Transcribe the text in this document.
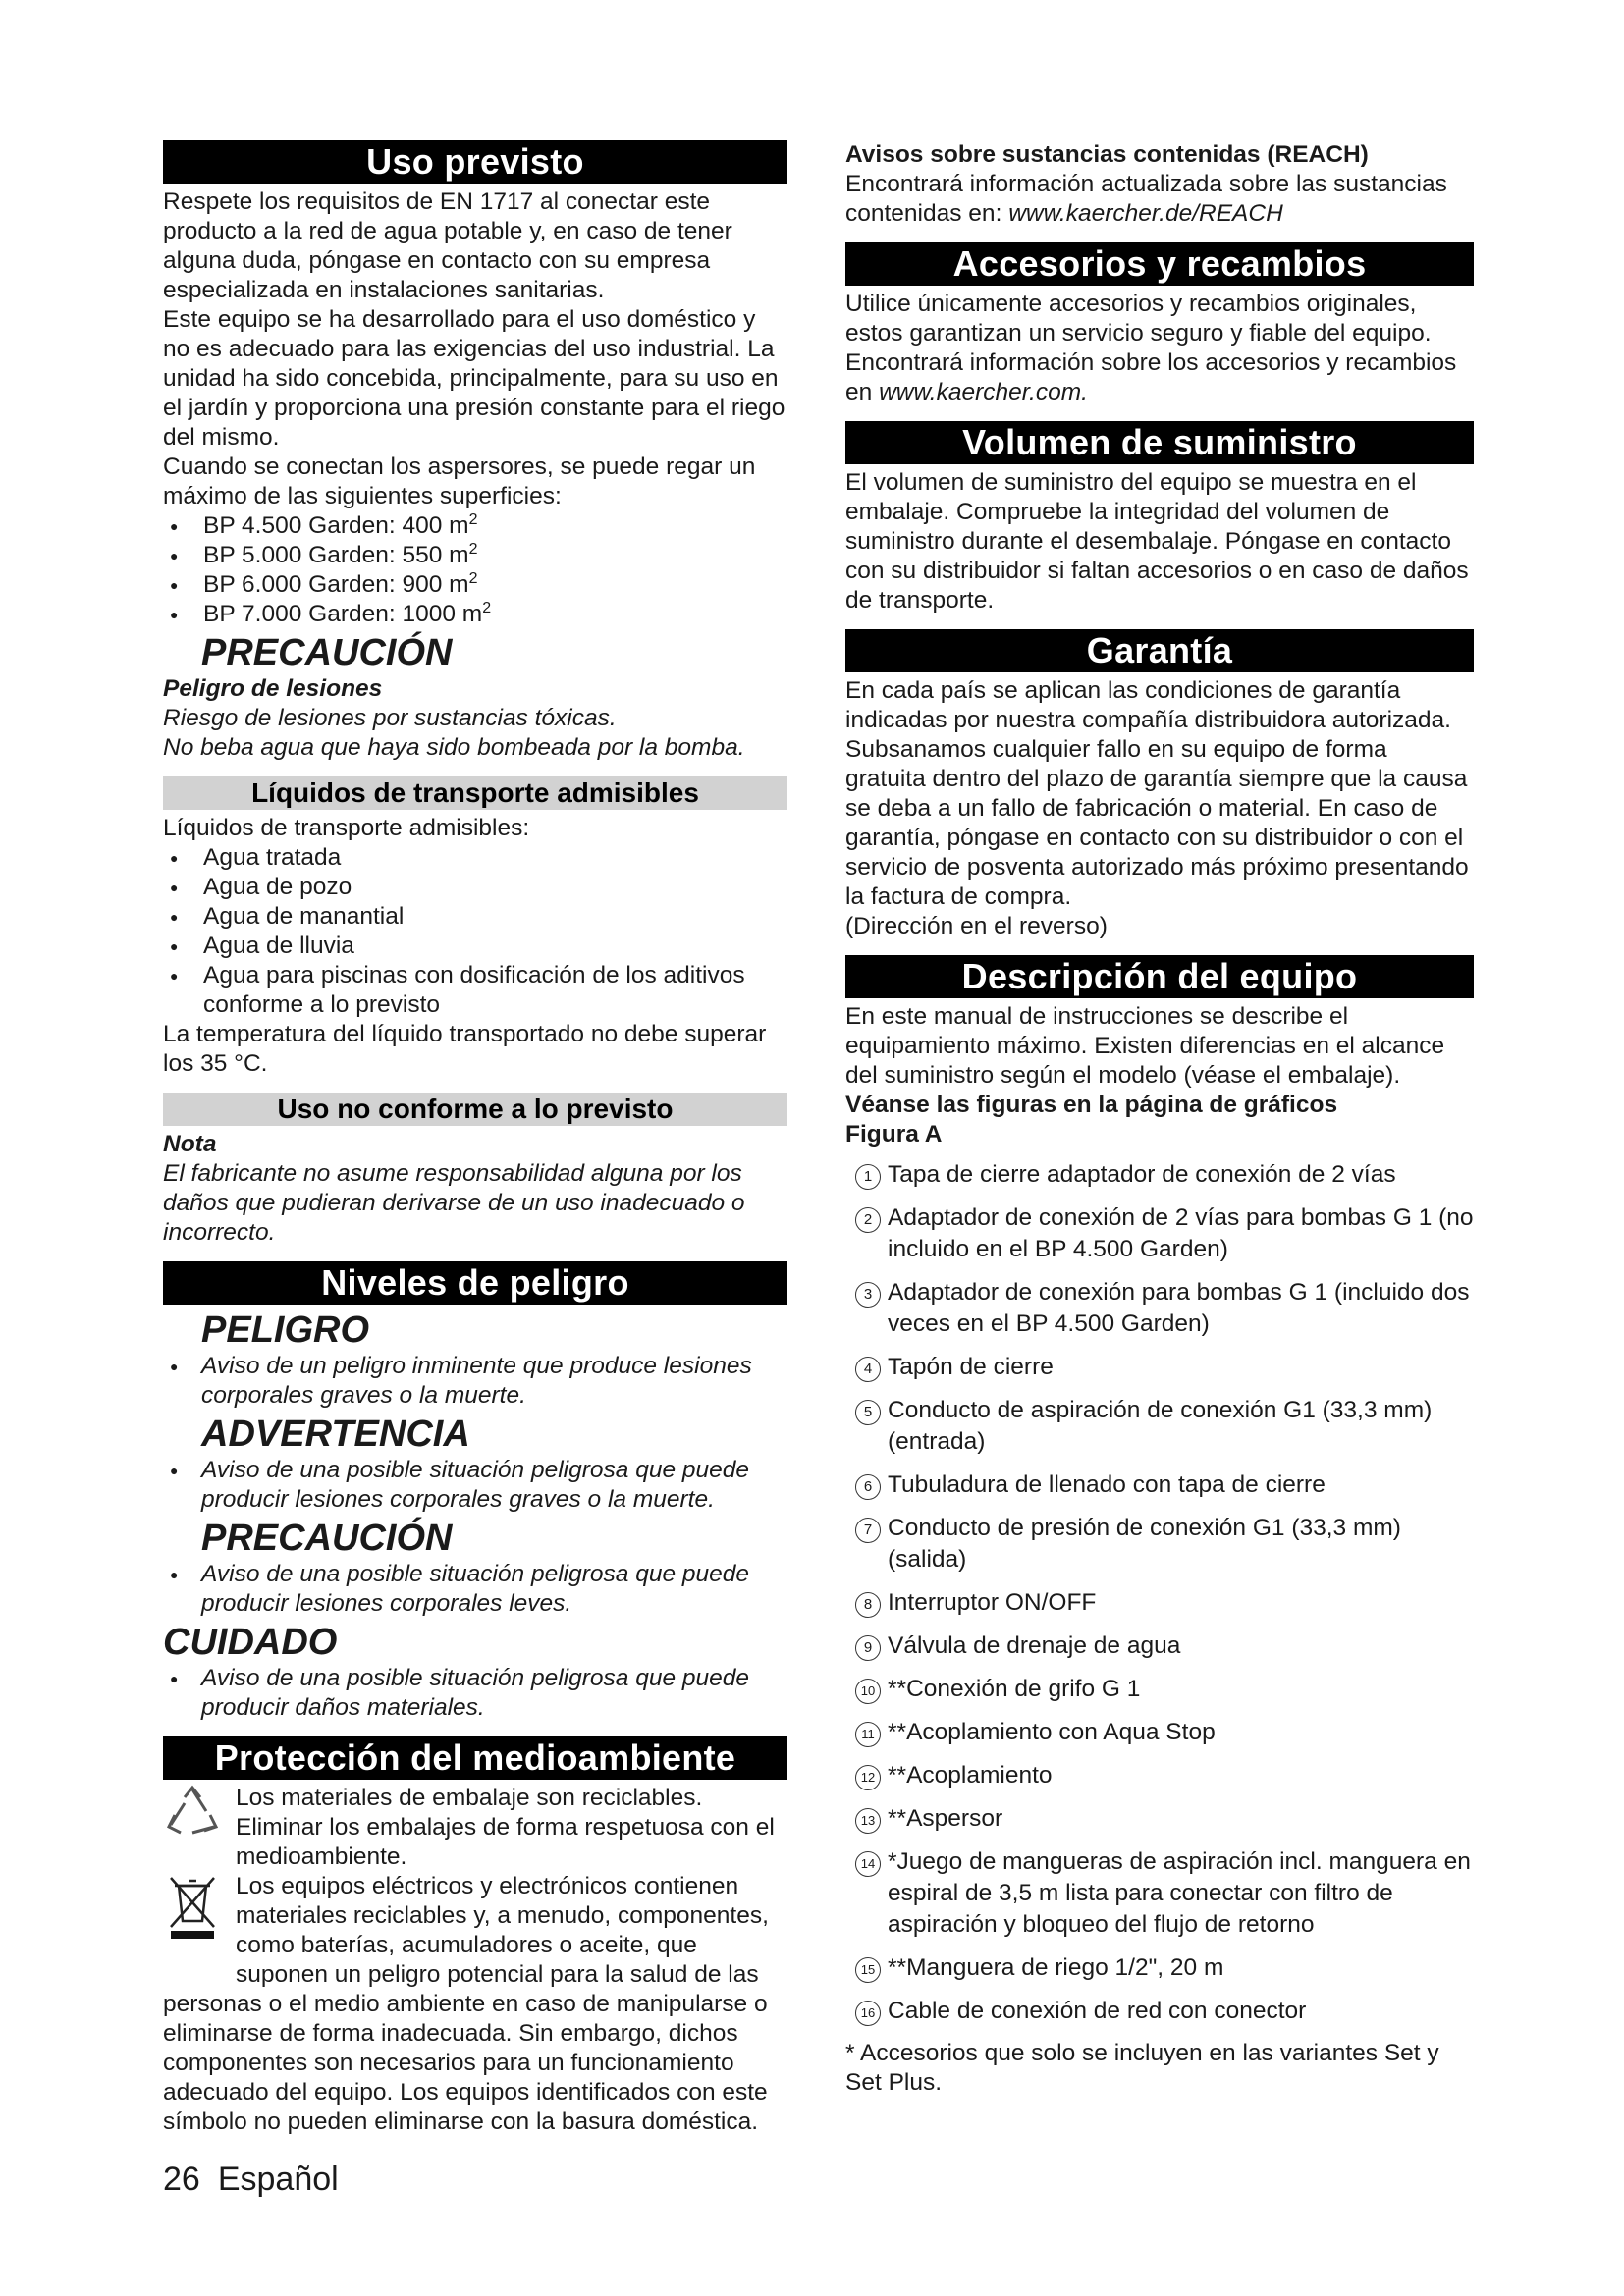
Uso previsto

Respete los requisitos de EN 1717 al conectar este producto a la red de agua potable y, en caso de tener alguna duda, póngase en contacto con su empresa especializada en instalaciones sanitarias.

Este equipo se ha desarrollado para el uso doméstico y no es adecuado para las exigencias del uso industrial. La unidad ha sido concebida, principalmente, para su uso en el jardín y proporciona una presión constante para el riego del mismo.

Cuando se conectan los aspersores, se puede regar un máximo de las siguientes superficies:

● BP 4.500 Garden: 400 $m^2$
● BP 5.000 Garden: 550 $m^2$
● BP 6.000 Garden: 900 $m^2$
● BP 7.000 Garden: 1000 $m^2$
PRECAUCIÓN

Peligro de lesiones

Riesgo de lesiones por sustancias tóxicas.

No beba agua que haya sido bombeada por la bomba.

Líquidos de transporte admisibles

Líquidos de transporte admisibles:

● Agua tratada
● Agua de pozo
● Agua de manantial
● Agua de lluvia
● Agua para piscinas con dosificación de los aditivos conforme a lo previsto

La temperatura del líquido transportado no debe superar los 35 °C.

Uso no conforme a lo previsto

Nota

El fabricante no asume responsabilidad alguna por los daños que pudieran derivarse de un uso inadecuado o incorrecto.

Niveles de peligro
PELIGRO
● Aviso de un peligro inminente que produce lesiones corporales graves o la muerte.
ADVERTENCIA
● Aviso de una posible situación peligrosa que puede producir lesiones corporales graves o la muerte.
PRECAUCIÓN
● Aviso de una posible situación peligrosa que puede producir lesiones corporales leves.
CUIDADO
● Aviso de una posible situación peligrosa que puede producir daños materiales.
Protección del medioambiente

Los materiales de embalaje son reciclables. Eliminar los embalajes de forma respetuosa con el medioambiente.

Los equipos eléctricos y electrónicos contienen materiales reciclables y, a menudo, componentes, como baterías, acumuladores o aceite, que suponen un peligro potencial para la salud de las

personas o el medio ambiente en caso de manipularse o eliminarse de forma inadecuada. Sin embargo, dichos componentes son necesarios para un funcionamiento adecuado del equipo. Los equipos identificados con este símbolo no pueden eliminarse con la basura doméstica.

Avisos sobre sustancias contenidas (REACH)

Encontrará información actualizada sobre las sustancias contenidas en: www.kaercher.de/REACH

Accesorios y recambios

Utilice únicamente accesorios y recambios originales, estos garantizan un servicio seguro y fiable del equipo. Encontrará información sobre los accesorios y recambios en www.kaercher.com.

Volumen de suministro

El volumen de suministro del equipo se muestra en el embalaje. Compruebe la integridad del volumen de suministro durante el desembalaje. Póngase en contacto con su distribuidor si faltan accesorios o en caso de daños de transporte.

Garantía

En cada país se aplican las condiciones de garantía indicadas por nuestra compañía distribuidora autorizada. Subsanamos cualquier fallo en su equipo de forma gratuita dentro del plazo de garantía siempre que la causa se deba a un fallo de fabricación o material. En caso de garantía, póngase en contacto con su distribuidor o con el servicio de posventa autorizado más próximo presentando la factura de compra.

(Dirección en el reverso)

Descripción del equipo

En este manual de instrucciones se describe el equipamiento máximo. Existen diferencias en el alcance del suministro según el modelo (véase el embalaje).

Véanse las figuras en la página de gráficos

Figura A

1 Tapa de cierre adaptador de conexión de 2 vías
2 Adaptador de conexión de 2 vías para bombas G 1 (no incluido en el BP 4.500 Garden)
3 Adaptador de conexión para bombas G 1 (incluido dos veces en el BP 4.500 Garden)
4 Tapón de cierre
5 Conducto de aspiración de conexión G1 (33,3 mm) (entrada)
6 Tubuladura de llenado con tapa de cierre
7 Conducto de presión de conexión G1 (33,3 mm) (salida)
8 Interruptor ON/OFF
9 Válvula de drenaje de agua
10 **Conexión de grifo G 1
11 **Acoplamiento con Aqua Stop
12 **Acoplamiento
13 **Aspersor
14 *Juego de mangueras de aspiración incl. manguera en espiral de 3,5 m lista para conectar con filtro de aspiración y bloqueo del flujo de retorno
15 **Manguera de riego 1/2", 20 m
16 Cable de conexión de red con conector

* Accesorios que solo se incluyen en las variantes Set y Set Plus.

26 Español
